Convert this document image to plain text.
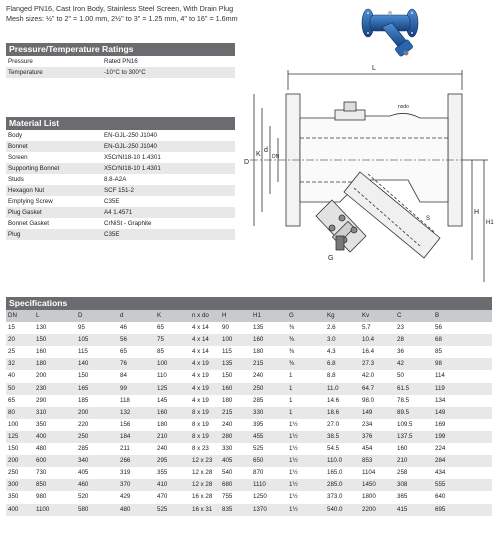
Flanged PN16, Cast Iron Body, Stainless Steel Screen, With Drain Plug
Mesh sizes: ½" to 2" = 1.00 mm, 2½" to 3" = 1.25 mm, 4" to 16" = 1.6mm
Pressure/Temperature Ratings
Pressure	Rated PN16
Temperature	-10°C to 300°C
Material List
Body	EN-GJL-250 J1040
Bonnet	EN-GJL-250 J1040
Screen	X5CrNI18-10 1.4301
Supporting Bonnet	X5CrNI18-10 1.4301
Studs	8.8-A2A
Hexagon Nut	SCF 151-2
Emptying Screw	C35E
Plug Gasket	A4 1.4571
Bonnet Gasket	CrNiSt - Graphite
Plug	C35E
L
D
K
d
DN
nxdo
H
H1
G
S
Specifications
DN	L	D	d	K	n x do	H	H1	G	Kg	Kv	C	B
15	130	95	46	65	4 x 14	90	135	⅜	2.6	5.7	23	56
20	150	105	56	75	4 x 14	100	160	⅜	3.0	10.4	28	68
25	160	115	65	85	4 x 14	115	180	⅜	4.3	16.4	36	85
32	180	140	76	100	4 x 19	135	215	⅜	6.8	27.3	42	98
40	200	150	84	110	4 x 19	150	240	1	8.8	42.0	50	114
50	230	165	99	125	4 x 19	160	250	1	11.0	64.7	61.5	119
65	290	185	118	145	4 x 19	180	285	1	14.6	98.0	78.5	134
80	310	200	132	160	8 x 19	215	330	1	18.6	149	89.5	149
100	350	220	156	180	8 x 19	240	395	1½	27.0	234	109.5	169
125	400	250	184	210	8 x 19	280	455	1½	38.5	376	137.5	199
150	480	285	211	240	8 x 23	330	525	1½	54.5	454	160	224
200	600	340	266	295	12 x 23	405	650	1½	110.0	853	210	284
250	730	405	319	355	12 x 28	540	870	1½	165.0	1104	258	434
300	850	460	370	410	12 x 28	680	1110	1½	285.0	1450	308	555
350	980	520	429	470	16 x 28	755	1250	1½	373.0	1800	365	640
400	1100	580	480	525	16 x 31	835	1370	1½	540.0	2200	415	695
